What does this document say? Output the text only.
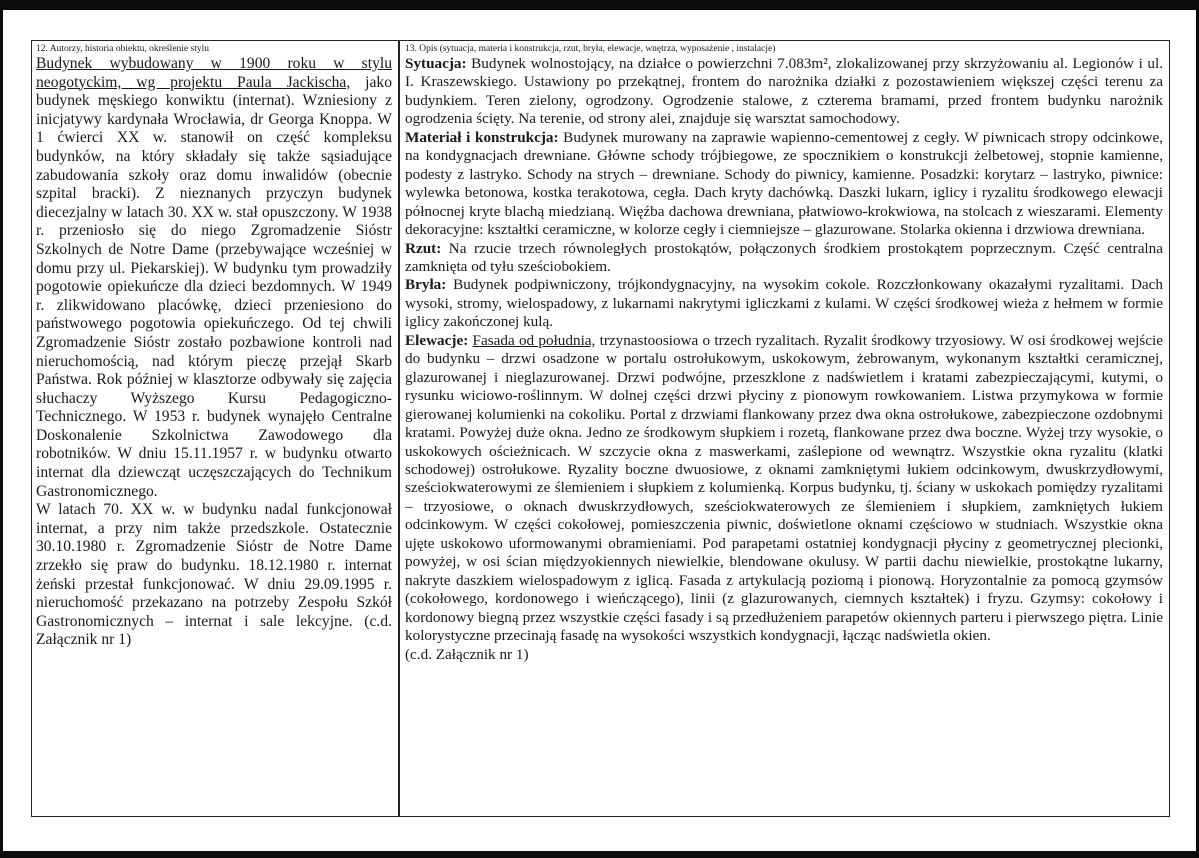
12. Autorzy, historia obiektu, określenie stylu

Budynek wybudowany w 1900 roku w stylu neogotyckim, wg projektu Paula Jackischa, jako budynek męskiego konwiktu (internat). Wzniesiony z inicjatywy kardynała Wrocławia, dr Georga Knoppa. W 1 ćwierci XX w. stanowił on część kompleksu budynków, na który składały się także sąsiadujące zabudowania szkoły oraz domu inwalidów (obecnie szpital bracki). Z nieznanych przyczyn budynek diecezjalny w latach 30. XX w. stał opuszczony. W 1938 r. przeniosło się do niego Zgromadzenie Sióstr Szkolnych de Notre Dame (przebywające wcześniej w domu przy ul. Piekarskiej). W budynku tym prowadziły pogotowie opiekuńcze dla dzieci bezdomnych. W 1949 r. zlikwidowano placówkę, dzieci przeniesiono do państwowego pogotowia opiekuńczego. Od tej chwili Zgromadzenie Sióstr zostało pozbawione kontroli nad nieruchomością, nad którym pieczę przejął Skarb Państwa. Rok później w klasztorze odbywały się zajęcia słuchaczy Wyższego Kursu Pedagogiczno-Technicznego. W 1953 r. budynek wynajęło Centralne Doskonalenie Szkolnictwa Zawodowego dla robotników. W dniu 15.11.1957 r. w budynku otwarto internat dla dziewcząt uczęszczających do Technikum Gastronomicznego.

W latach 70. XX w. w budynku nadal funkcjonował internat, a przy nim także przedszkole. Ostatecznie 30.10.1980 r. Zgromadzenie Sióstr de Notre Dame zrzekło się praw do budynku. 18.12.1980 r. internat żeński przestał funkcjonować. W dniu 29.09.1995 r. nieruchomość przekazano na potrzeby Zespołu Szkół Gastronomicznych – internat i sale lekcyjne. (c.d. Załącznik nr 1)

13. Opis (sytuacja, materia i konstrukcja, rzut, bryła, elewacje, wnętrza, wyposażenie , instalacje)

Sytuacja: Budynek wolnostojący, na działce o powierzchni 7.083m², zlokalizowanej przy skrzyżowaniu al. Legionów i ul. I. Kraszewskiego. Ustawiony po przekątnej, frontem do narożnika działki z pozostawieniem większej części terenu za budynkiem. Teren zielony, ogrodzony. Ogrodzenie stalowe, z czterema bramami, przed frontem budynku narożnik ogrodzenia ścięty. Na terenie, od strony alei, znajduje się warsztat samochodowy.

Materiał i konstrukcja: Budynek murowany na zaprawie wapienno-cementowej z cegły. W piwnicach stropy odcinkowe, na kondygnacjach drewniane. Główne schody trójbiegowe, ze spocznikiem o konstrukcji żelbetowej, stopnie kamienne, podesty z lastryko. Schody na strych – drewniane. Schody do piwnicy, kamienne. Posadzki: korytarz – lastryko, piwnice: wylewka betonowa, kostka terakotowa, cegła. Dach kryty dachówką. Daszki lukarn, iglicy i ryzalitu środkowego elewacji północnej kryte blachą miedzianą. Więźba dachowa drewniana, płatwiowo-krokwiowa, na stolcach z wieszarami. Elementy dekoracyjne: kształtki ceramiczne, w kolorze cegły i ciemniejsze – glazurowane. Stolarka okienna i drzwiowa drewniana.

Rzut: Na rzucie trzech równoległych prostokątów, połączonych środkiem prostokątem poprzecznym. Część centralna zamknięta od tyłu sześciobokiem.

Bryła: Budynek podpiwniczony, trójkondygnacyjny, na wysokim cokole. Rozczłonkowany okazałymi ryzalitami. Dach wysoki, stromy, wielospadowy, z lukarnami nakrytymi igliczkami z kulami. W części środkowej wieża z hełmem w formie iglicy zakończonej kulą.

Elewacje: Fasada od południa, trzynastoosiowa o trzech ryzalitach. Ryzalit środkowy trzyosiowy. W osi środkowej wejście do budynku – drzwi osadzone w portalu ostrołukowym, uskokowym, żebrowanym, wykonanym kształtki ceramicznej, glazurowanej i nieglazurowanej. Drzwi podwójne, przeszklone z nadświetlem i kratami zabezpieczającymi, kutymi, o rysunku wiciowo-roślinnym. W dolnej części drzwi płyciny z pionowym rowkowaniem. Listwa przymykowa w formie gierowanej kolumienki na cokoliku. Portal z drzwiami flankowany przez dwa okna ostrołukowe, zabezpieczone ozdobnymi kratami. Powyżej duże okna. Jedno ze środkowym słupkiem i rozetą, flankowane przez dwa boczne. Wyżej trzy wysokie, o uskokowych ościeżnicach. W szczycie okna z maswerkami, zaślepione od wewnątrz. Wszystkie okna ryzalitu (klatki schodowej) ostrołukowe. Ryzality boczne dwuosiowe, z oknami zamkniętymi łukiem odcinkowym, dwuskrzydłowymi, sześciokwaterowymi ze ślemieniem i słupkiem z kolumienką. Korpus budynku, tj. ściany w uskokach pomiędzy ryzalitami – trzyosiowe, o oknach dwuskrzydłowych, sześciokwaterowych ze ślemieniem i słupkiem, zamkniętych łukiem odcinkowym. W części cokołowej, pomieszczenia piwnic, doświetlone oknami częściowo w studniach. Wszystkie okna ujęte uskokowo uformowanymi obramieniami. Pod parapetami ostatniej kondygnacji płyciny z geometrycznej plecionki, powyżej, w osi ścian międzyokiennych niewielkie, blendowane okulusy. W partii dachu niewielkie, prostokątne lukarny, nakryte daszkiem wielospadowym z iglicą. Fasada z artykulacją poziomą i pionową. Horyzontalnie za pomocą gzymsów (cokołowego, kordonowego i wieńczącego), linii (z glazurowanych, ciemnych kształtek) i fryzu. Gzymsy: cokołowy i kordonowy biegną przez wszystkie części fasady i są przedłużeniem parapetów okiennych parteru i pierwszego piętra. Linie kolorystyczne przecinają fasadę na wysokości wszystkich kondygnacji, łącząc nadświetla okien.

(c.d. Załącznik nr 1)
